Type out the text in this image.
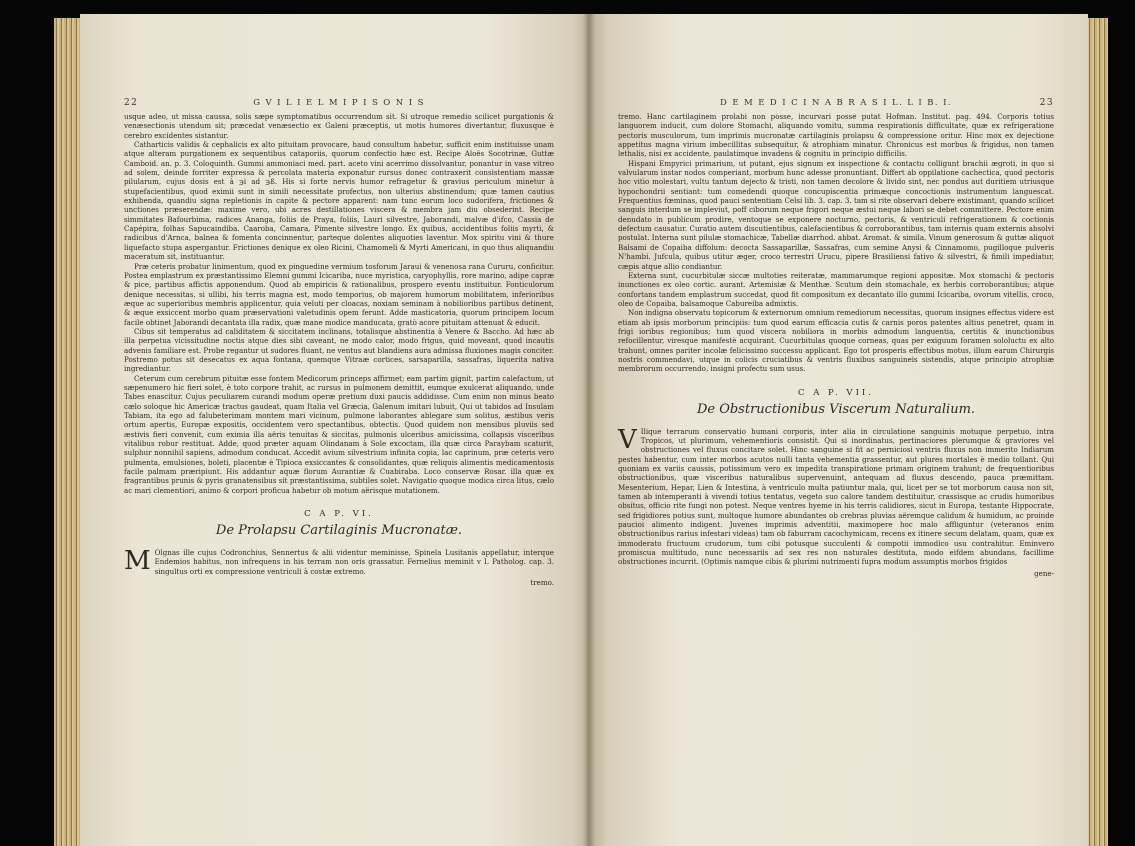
22	G V I L I E L M I P I S O N I S

usque adeo, ut missa caussa, solis sæpe symptomatibus occurrendum sit. Si utroque remedio scilicet purgationis & venæsectionis utendum sit; præcedat venæsectio ex Galeni præceptis, ut motis humores divertantur, fluxusque è cerebro excidentes sistantur.

Catharticis validis & cephalicis ex alto pituitam provocare, haud consultum habetur, sufficit enim instituisse unam atque alteram purgationem ex sequentibus cataporiis, quorum confectio hæc est. Recipe Aloës Socotrinæ, Guttæ Camboid. an. p. 3. Coloquinth. Gummi ammoniaci med. part. aceto vini acerrimo dissolvantur, ponantur in vase vitreo ad solem, deinde forriter expressa & percolata materia exponatur rursus donec contraxerit consistentiam massæ pilularum, cujus dosis est à ℈i ad ℈ß. His si forte nervis humor refragetur & gravius periculum minetur à stupefacientibus, quod eximii sunt in simili necessitate profectus, non ulterius abstinendum; quæ tamen cautius exhibenda, quandiu signa repletionis in capite & pectore apparent: nam tunc eorum loco sudorifera, frictiones & unctiones præserendæ: maxime vero, ubi acres destillationes viscera & membra jam diu obsederint. Recipe simmitates Bafourbima, radices Ananga, foliis de Praya, foliis, Lauri silvestre, Jaborandi, malvæ d'ifco, Cassia de Capépira, folhas Sapucaindiba. Caaroba, Camara, Pimente silvestre longo. Ex quibus, accidentibus foliis myrti, & radicibus d'Arnca, balnea & fomenta concinnentur, parteque dolentes aliquoties laventur. Mox spiritu vini & thure liquefacto stupa aspergantur. Frictiones denique ex oleo Ricini, Chamomeli & Myrti Americani, in quo thus aliquandiu maceratum sit, instituantur.

Præ ceteris probatur linimentum, quod ex pinguedine vermium tosforum Jaraui & venenosa rana Cururu, conficitur. Postea emplastrum ex præstantissimo Elemni gummi Icicariba, nuce myristica, caryophyllis, rore marino, adipe capræ & pice, partibus affictis apponendum. Quod ab empiricis & rationalibus, prospero eventu instituitur. Fonticulorum denique necessitas, si ullibi, his terris magna est, modo temporius, ob majorem humorum mobilitatem, inferioribus æque ac superioribus membris applicentur, quia veluti per cloacas, noxiam seminam à nobilioribus partibus detinent, & æque exsiccent morbo quam præservationi valetudinis opem ferunt. Adde masticatoria, quorum principem locum facile obtinet Jaborandi decantata illa radix, quæ mane modice manducata, gratò acore pituitam attenuat & educit.

Cibus sit temperatus ad caliditatem & siccitatem inclinans, totalisque abstinentia à Venere & Baccho. Ad hæc ab illa perpetua vicissitudine noctis atque dies sibi caveant, ne modo calor, modo frigus, quid moveant, quod incautis advenis familiare est. Probe regantur ut sudores fluant, ne ventus aut blandiens aura admissa fluxiones magis conciter. Postremo potus sit desecatus ex aqua fontana, quemque Vitraæ cortices, sarsaparilla, sassafras, liquerita nativa ingrediantur.

Ceterum cum cerebrum pituitæ esse fontem Medicorum princeps affirmet; eam partim gignit, partim calefactum, ut sæpenumero hic fieri solet, è toto corpore trahit, ac rursus in pulmonem demittit, eumque exulcerat aliquando, unde Tabes enascitur. Cujus peculiarem curandi modum operæ pretium duxi paucis addidisse. Cum enim non minus beato cælo soloque hic Americæ tractus gaudeat, quam Italia vel Græcia, Galenum imitari lubuit, Qui ut tabidos ad Insulam Tabiam, ita ego ad falubeterimam montem mari vicinum, pulmone laborantes ablegare sum solitus, æstibus veris ortum apertis, Europæ expositis, occidentem vero spectantibus, obtectis. Quod quidem non mensibus pluviis sed æstivis fieri convenit, cum eximia illa aëris tenuitas & siccitas, pulmonis ulceribus amicissima, collapsis visceribus vitalibus robur restituat. Adde, quod præter aquam Olindanam à Sole excoctam, illa quæ circa Paraybam scaturit, sulphur nonnihil sapiens, admodum conducat. Accedit avium silvestrium infinita copia, lac caprinum, præ ceteris vero pulmenta, emulsiones, boleti, placentæ è Tipioca exsiccantes & consolidantes, quæ reliquis alimentis medicamentosis facile palmam præripiunt. His addantur aquæ florum Aurantiæ & Cuabiraba. Loco conservæ Rosar. illa quæ ex fragrantibus prunis & pyris granatensibus sit præstantissima, subtiles solet. Navigatio quoque modica circa litus, cælo ac mari clementiori, animo & corpori proficua habetur ob motum aërisque mutationem.

C A P. VI.
De Prolapsu Cartilaginis Mucronatæ.

M Olgnas ille cujus Codronchius, Sennertus & alii videntur meminisse, Spinela Lusitanis appellatur, interque Endemios habitus, non infrequens in his terram non oris grassatur. Fernelius meminit v I. Patholog. cap. 3. singultus orti ex compressione ventriculi à costæ extremo.

tremo.
D E M E D I C I N A B R A S I L. L I B. I.	23

tremo. Hanc cartilaginem prolabi non posse, incurvari posse putat Hofman. Institut. pag. 494. Corporis totius languorem inducit, cum dolore Stomachi, aliquando vomitu, summa respirationis difficultate, quæ ex refrigeratione pectoris musculorum, tum imprimis mucronatæ cartilaginis prolapsu & compressione oritur. Hinc mox ex dejectione appetitus magna virium imbecillitas subsequitur, & atrophiam minatur. Chronicus est morbus & frigidus, non tamen lethalis, nisi ex accidente, paulatimque invadens & cognitu in principio difficilis.

Hispani Empyrici primarium, ut putant, ejus signum ex inspectione & contactu colligunt brachii ægroti, in quo si valvularum instar nodos comperiant, morbum hunc adesse pronuntiant. Differt ab oppilatione cachectica, quod pectoris hoc vitio molestari, vultu tantum dejecto & tristi, non tamen decolore & livido sint, nec pondus aut duritiem utriusque hypochondrii sentiant: tum comedendi quoque concupiscentia primæque concoctionis instrumentum languescat. Frequentius fœminas, quod pauci sententiam Celsi lib. 3. cap. 3. tam si rite observari debere existimant, quando scilicet sanguis interdum se impleviut, poff ciborum neque frigori neque æstui neque labori se debet committere. Pectore enim denudato in publicum prodire, ventoque se exponere nocturno, pectoris, & ventriculi refrigerationem & coctionis defectum causatur. Curatio autem discutientibus, calefacientibus & corroborantibus, tam internis quam externis absolvi postulat. Interna sunt pilulæ stomachicæ, Tabellæ diarrhod. abbat. Aromat. & simila. Vinum generosum & guttæ aliquot Balsami de Copaiba diffolum: decocta Sassaparillæ, Sassafras, cum semine Anysi & Cinnamomo, pugilloque pulveris N'hambi. Jufcula, quibus utitur æger, croco terrestri Urucu, pipere Brasiliensi fativo & silvestri, & fimili impediatur, cæpis atque allio condiantur.

Externa sunt, cucurbitulæ siccæ multoties reiteratæ, mammarumque regioni appositæ. Mox stomachi & pectoris inunctiones ex oleo cortic. aurant. Artemisiæ & Menthæ. Scutum dein stomachale, ex herbis corroborantibus; atque confortans tandem emplastrum succedat, quod fit compositum ex decantato illo gummi Icicariba, ovorum vitellis, croco, oleo de Copaiba, balsamoque Cabureiba admixtis.

Non indigna observatu topicorum & externorum omnium remediorum necessitas, quorum insignes effectus videre est etiam ab ipsis morborum principiis: tum quod earum efficacia cutis & carnis poros patentes altius penetret, quam in frigi ioribus regionibus; tum quod viscera nobiliora in morbis admodum languentia, certitis & inunctionibus refocillentur, viresque manifestè acquirant. Cucurbitulas quoque corneas, quas per exiguum foramen sololuctu ex alto trahunt, omnes pariter incolæ felicissimo successu applicant. Ego tot prosperis effectibus motus, illum earum Chirurgis nostris commendavi, utque in colicis cruciatibus & ventris fluxibus sanguineis sistendis, atque principio atrophiæ membrorum occurrendo, insigni profectu sum usus.

C A P. VII.
De Obstructionibus Viscerum Naturalium.

V Ilique terrarum conservatio humani corporis, inter alia in circulatione sanguinis motuque perpetuo, intra Tropicos, ut plurimum, vehementioris consistit. Qui si inordinatus, pertinaciores plerumque & graviores vel obstructiones vel fluxus concitare solet. Hinc sanguine si fit ac perniciosi ventris fluxus non immerito Indiarum pestes habentur, cum inter morbos acutos nulli tanta vehementia grassentur, aut plures mortales è medio tollant. Qui quoniam ex variis caussis, potissimum vero ex impedita transpiratione primam originem trahunt; de frequentioribus obstructionibus, quæ visceribus naturalibus supervenuint, antequam ad fluxus descendo, pauca præmittam. Mesenterium, Hepar, Lien & Intestina, à ventriculo multa patiuntur mala, qui, licet per se tot morborum causa non sit, tamen ab intemperanti à vivendi totius tentatus, vegeto suo calore tandem destituitur, crassisque ac crudis humoribus obsitus, officio rite fungi non potest. Neque ventres hyeme in his terris calidiores, sicut in Europa, testante Hippocrate, sed frigidiores potius sunt, multoque humore abundantes ob crebras pluvias aëremque calidum & humidum, ac proinde paucioi alimento indigent. Juvenes imprimis adventitii, maximopere hoc malo affliguntur (veteranos enim obstructionibus rarius infestari videas) tam ob faburram cacochymicam, recens ex itinere secum delatam, quam, quæ ex immoderato fructuum crudorum, tum cibi potusque succulenti & compotii immodico usu contrahitur. Eminvero promiscua multitudo, nunc necessariis ad sex res non naturales destituta, modo eifdem abundans, facillime obstructiones incurrit. (Optimis namque cibis & plurimi nutrimenti fupra modum assumptis morbos frigidos

gene-
